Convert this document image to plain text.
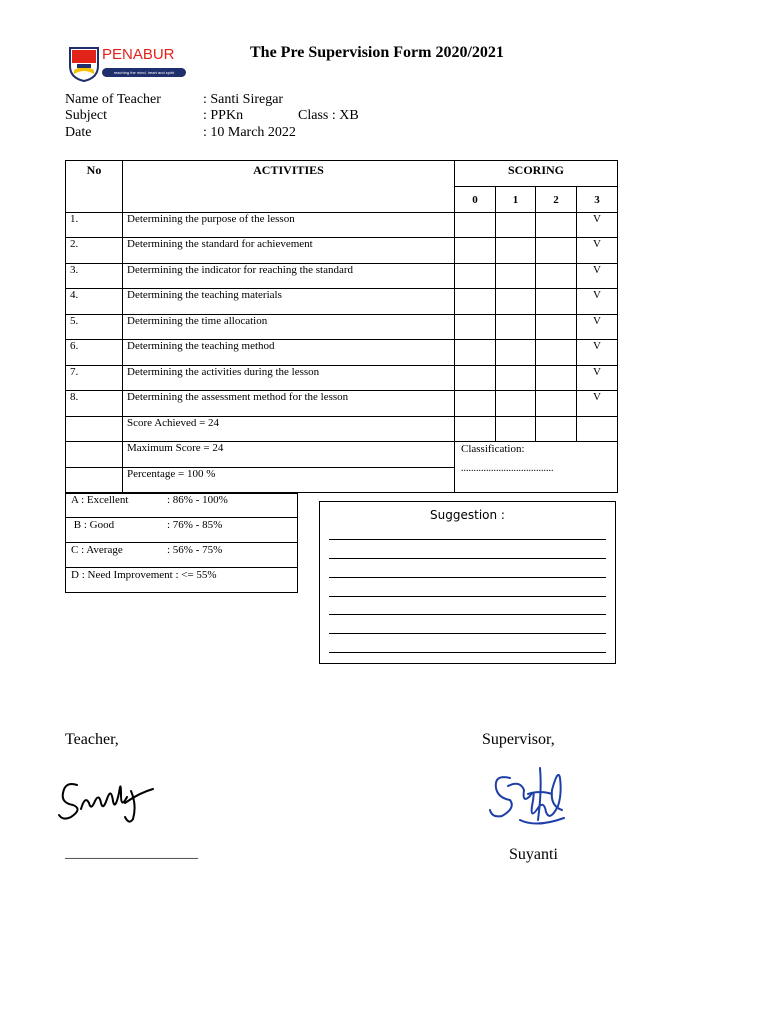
PENABUR
reaching the mind, heart and spirit
The Pre Supervision Form 2020/2021
Name of Teacher	: Santi Siregar
Subject	: PPKn	Class : XB
Date	: 10 March 2022
No	ACTIVITIES	SCORING			
		0	1	2	3
1.	Determining the purpose of the lesson				V
2.	Determining the standard for achievement				V
3.	Determining the indicator for reaching the standard				V
4.	Determining the teaching materials				V
5.	Determining the time allocation				V
6.	Determining the teaching method				V
7.	Determining the activities during the lesson				V
8.	Determining the assessment method for the lesson				V
	Score Achieved = 24				
	Maximum Score = 24	Classification:
.....................................			

	Percentage = 100 %				
A : Excellent	: 86% - 100%
B : Good	: 76% - 85%
C : Average	: 56% - 75%
D : Need Improvement : <= 55%
Suggestion :
Teacher,	Supervisor,
___________________	Suyanti
